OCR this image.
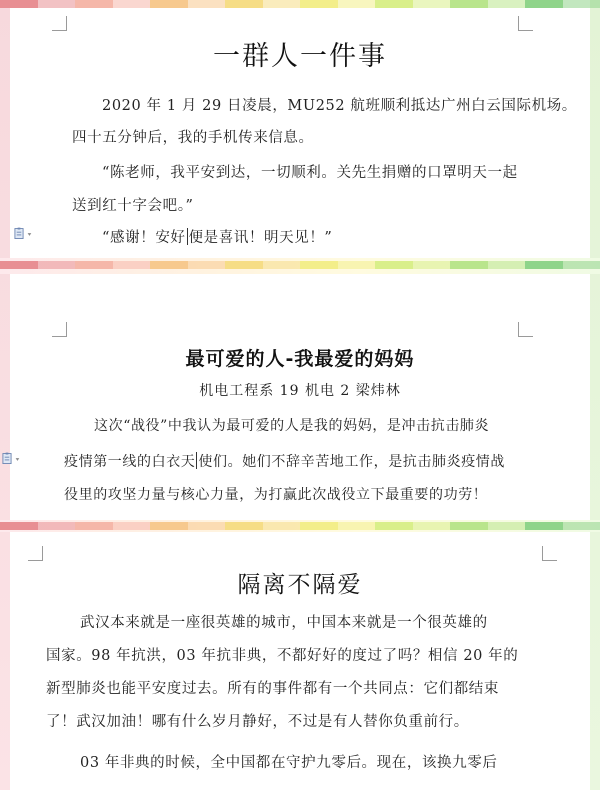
一群人一件事
2020 年 1 月 29 日凌晨，MU252 航班顺利抵达广州白云国际机场。
四十五分钟后，我的手机传来信息。
“陈老师，我平安到达，一切顺利。关先生捐赠的口罩明天一起
送到红十字会吧。”
“感谢！安好 便是喜讯！明天见！”
最可爱的人-我最爱的妈妈
机电工程系 19 机电 2 梁炜林
这次“战役”中我认为最可爱的人是我的妈妈，是冲击抗击肺炎
疫情第一线的白衣天 使们。她们不辞辛苦地工作，是抗击肺炎疫情战
役里的攻坚力量与核心力量，为打赢此次战役立下最重要的功劳！
隔离不隔爱
武汉本来就是一座很英雄的城市，中国本来就是一个很英雄的
国家。98 年抗洪，03 年抗非典，不都好好的度过了吗？相信 20 年的
新型肺炎也能平安度过去。所有的事件都有一个共同点：它们都结束
了！武汉加油！哪有什么岁月静好，不过是有人替你负重前行。
03 年非典的时候，全中国都在守护九零后。现在，该换九零后
